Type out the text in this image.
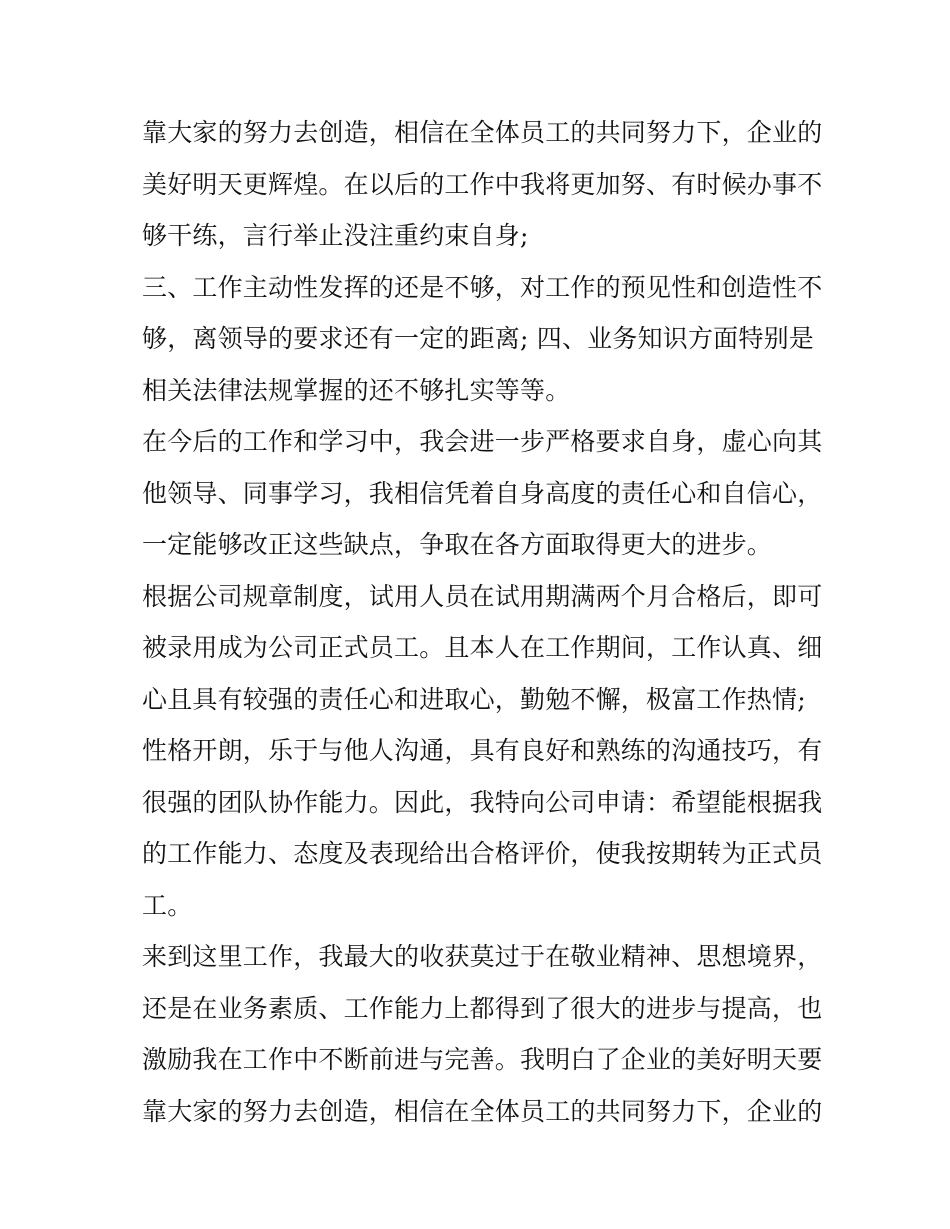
靠大家的努力去创造，相信在全体员工的共同努力下，企业的
美好明天更辉煌。在以后的工作中我将更加努、有时候办事不
够干练，言行举止没注重约束自身;
三、工作主动性发挥的还是不够，对工作的预见性和创造性不
够，离领导的要求还有一定的距离; 四、业务知识方面特别是
相关法律法规掌握的还不够扎实等等。
在今后的工作和学习中，我会进一步严格要求自身，虚心向其
他领导、同事学习，我相信凭着自身高度的责任心和自信心，
一定能够改正这些缺点，争取在各方面取得更大的进步。
根据公司规章制度，试用人员在试用期满两个月合格后，即可
被录用成为公司正式员工。且本人在工作期间，工作认真、细
心且具有较强的责任心和进取心，勤勉不懈，极富工作热情;
性格开朗，乐于与他人沟通，具有良好和熟练的沟通技巧，有
很强的团队协作能力。因此，我特向公司申请：希望能根据我
的工作能力、态度及表现给出合格评价，使我按期转为正式员
工。
来到这里工作，我最大的收获莫过于在敬业精神、思想境界，
还是在业务素质、工作能力上都得到了很大的进步与提高，也
激励我在工作中不断前进与完善。我明白了企业的美好明天要
靠大家的努力去创造，相信在全体员工的共同努力下，企业的
